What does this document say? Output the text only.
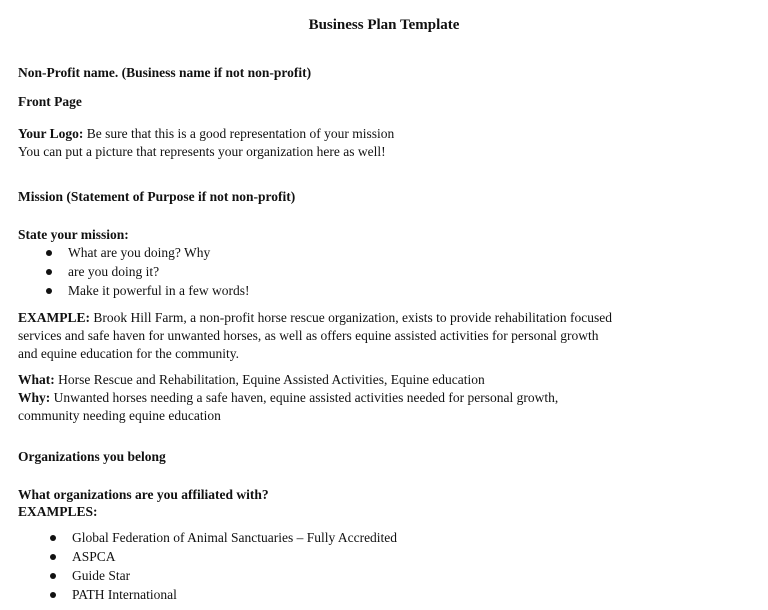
Business Plan Template
Non-Profit name. (Business name if not non-profit)
Front Page
Your Logo: Be sure that this is a good representation of your mission
You can put a picture that represents your organization here as well!
Mission (Statement of Purpose if not non-profit)
State your mission:
What are you doing? Why
are you doing it?
Make it powerful in a few words!
EXAMPLE: Brook Hill Farm, a non-profit horse rescue organization, exists to provide rehabilitation focused
services and safe haven for unwanted horses, as well as offers equine assisted activities for personal growth
and equine education for the community.
What: Horse Rescue and Rehabilitation, Equine Assisted Activities, Equine education
Why: Unwanted horses needing a safe haven, equine assisted activities needed for personal growth,
community needing equine education
Organizations you belong
What organizations are you affiliated with?
EXAMPLES:
Global Federation of Animal Sanctuaries – Fully Accredited
ASPCA
Guide Star
PATH International
